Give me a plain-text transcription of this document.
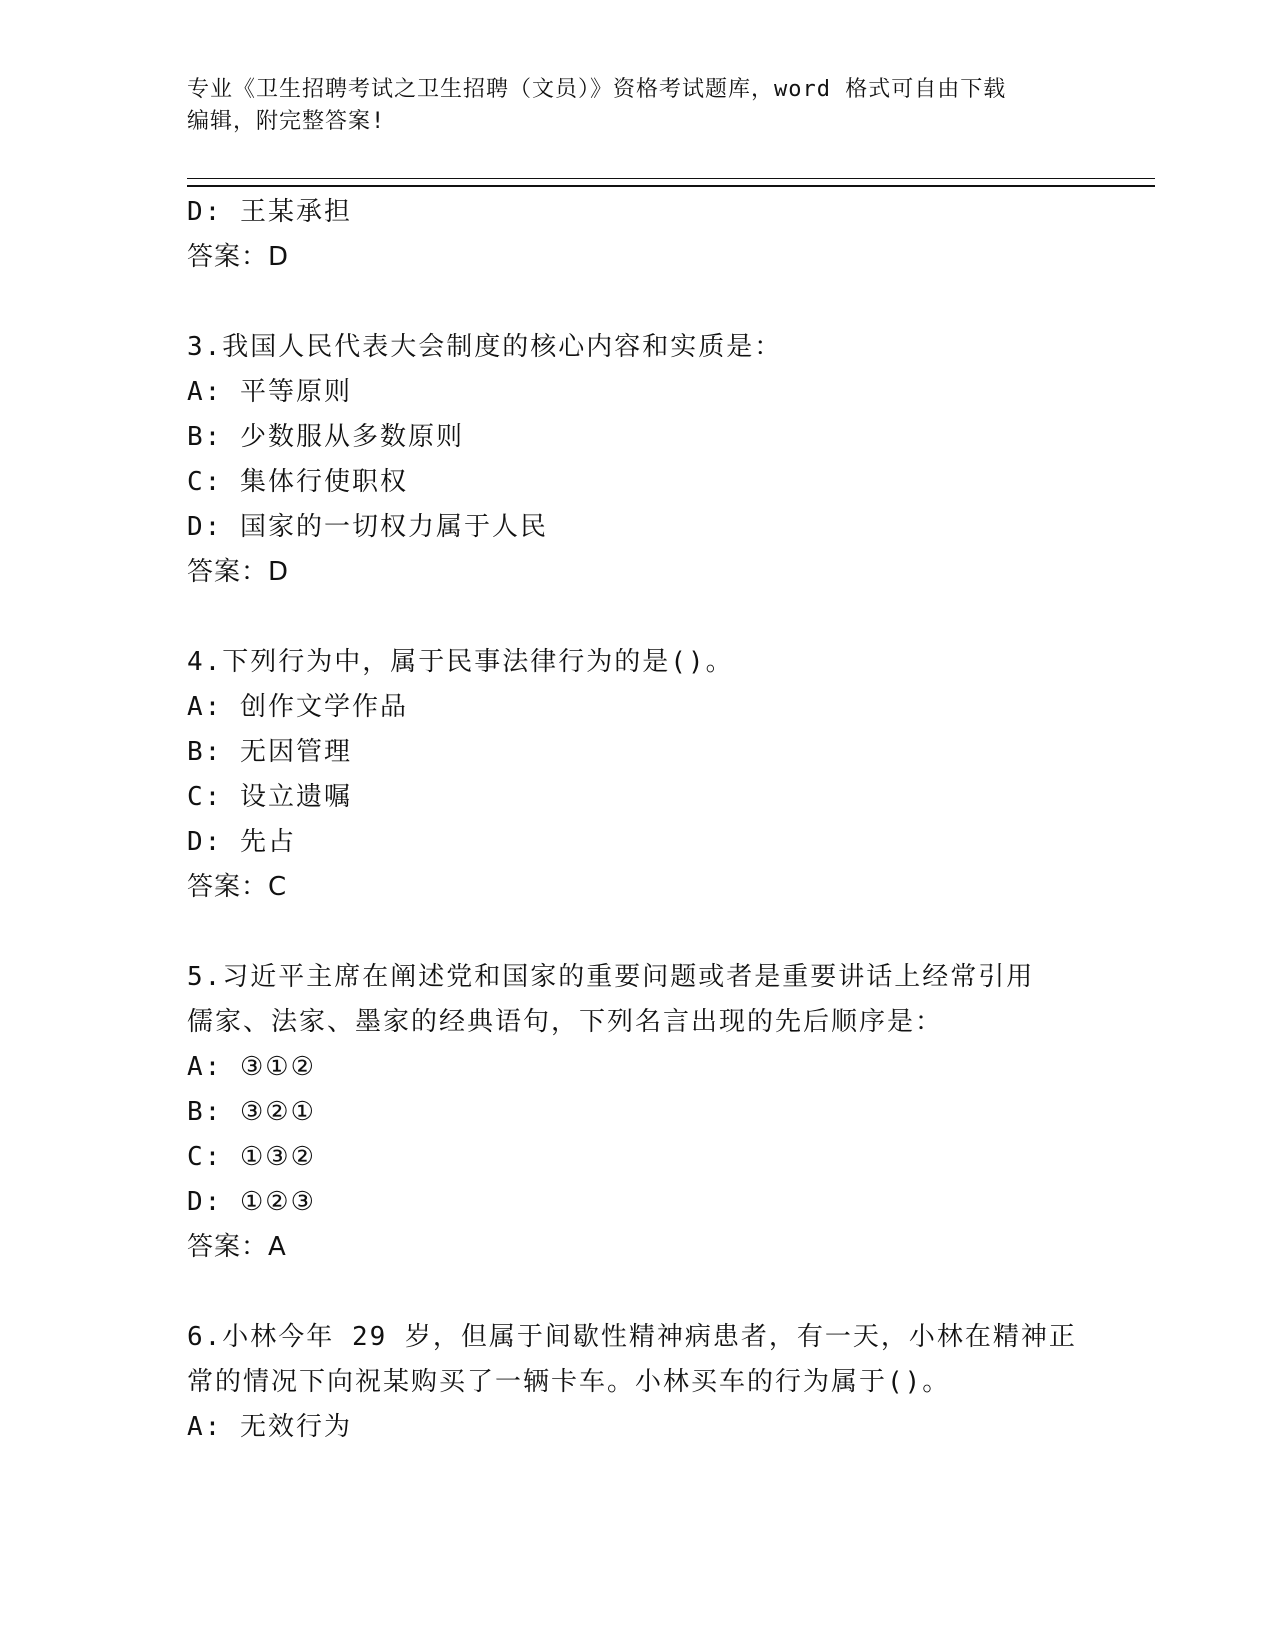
专业《卫生招聘考试之卫生招聘（文员）》资格考试题库，word 格式可自由下载
编辑，附完整答案!
D: 王某承担
答案：D
3.我国人民代表大会制度的核心内容和实质是：
A: 平等原则
B: 少数服从多数原则
C: 集体行使职权
D: 国家的一切权力属于人民
答案：D
4.下列行为中，属于民事法律行为的是()。
A: 创作文学作品
B: 无因管理
C: 设立遗嘱
D: 先占
答案：C
5.习近平主席在阐述党和国家的重要问题或者是重要讲话上经常引用
儒家、法家、墨家的经典语句，下列名言出现的先后顺序是：
A: ③①②
B: ③②①
C: ①③②
D: ①②③
答案：A
6.小林今年 29 岁，但属于间歇性精神病患者，有一天，小林在精神正
常的情况下向祝某购买了一辆卡车。小林买车的行为属于()。
A: 无效行为
